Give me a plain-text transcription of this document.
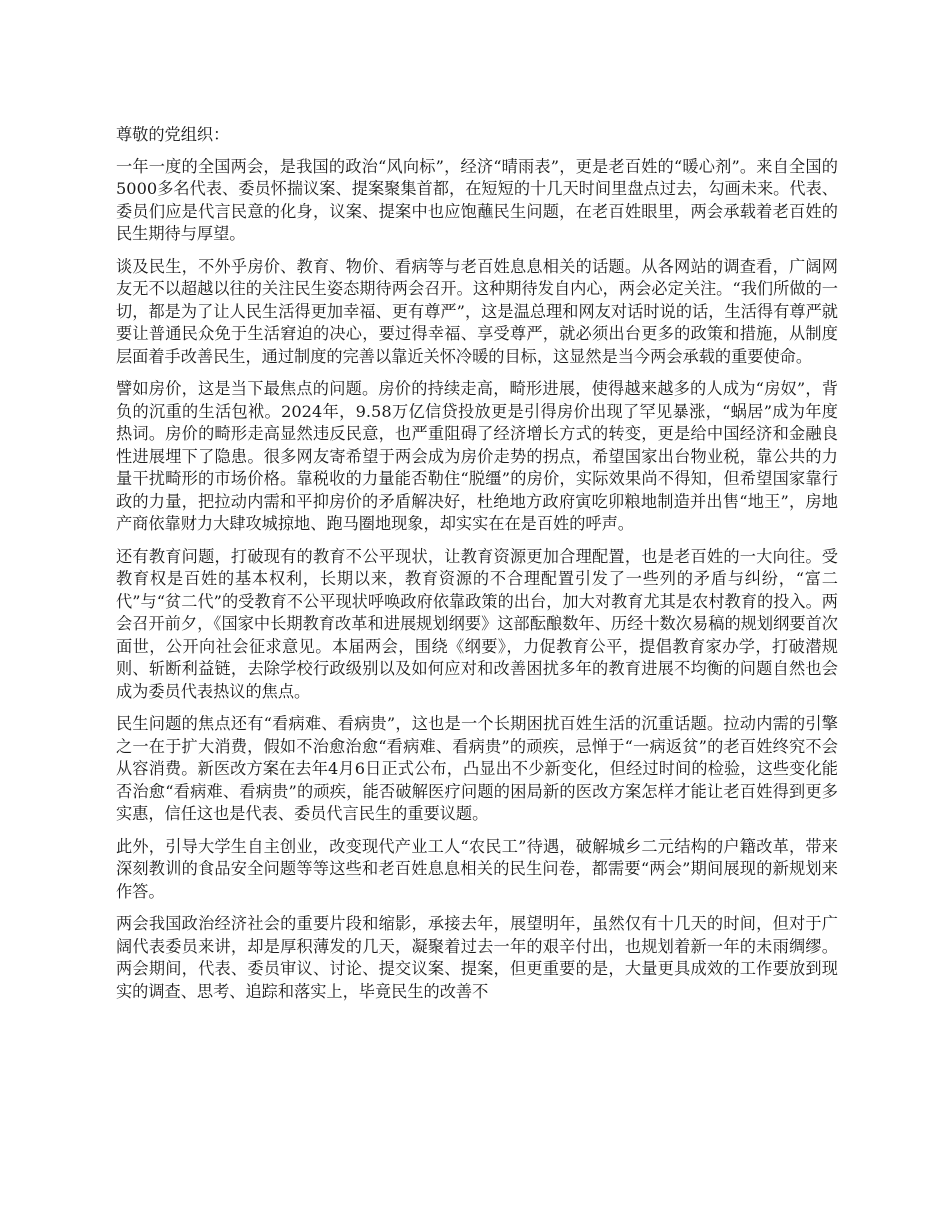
尊敬的党组织：

一年一度的全国两会，是我国的政治“风向标”，经济“晴雨表”，更是老百姓的“暖心剂”。来自全国的5000多名代表、委员怀揣议案、提案聚集首都，在短短的十几天时间里盘点过去，勾画未来。代表、委员们应是代言民意的化身，议案、提案中也应饱蘸民生问题，在老百姓眼里，两会承载着老百姓的民生期待与厚望。

谈及民生，不外乎房价、教育、物价、看病等与老百姓息息相关的话题。从各网站的调查看，广阔网友无不以超越以往的关注民生姿态期待两会召开。这种期待发自内心，两会必定关注。“我们所做的一切，都是为了让人民生活得更加幸福、更有尊严”，这是温总理和网友对话时说的话，生活得有尊严就要让普通民众免于生活窘迫的决心，要过得幸福、享受尊严，就必须出台更多的政策和措施，从制度层面着手改善民生，通过制度的完善以靠近关怀冷暖的目标，这显然是当今两会承载的重要使命。

譬如房价，这是当下最焦点的问题。房价的持续走高，畸形进展，使得越来越多的人成为“房奴”，背负的沉重的生活包袱。2024年，9.58万亿信贷投放更是引得房价出现了罕见暴涨，“蜗居”成为年度热词。房价的畸形走高显然违反民意，也严重阻碍了经济增长方式的转变，更是给中国经济和金融良性进展埋下了隐患。很多网友寄希望于两会成为房价走势的拐点，希望国家出台物业税，靠公共的力量干扰畸形的市场价格。靠税收的力量能否勒住“脱缰”的房价，实际效果尚不得知，但希望国家靠行政的力量，把拉动内需和平抑房价的矛盾解决好，杜绝地方政府寅吃卯粮地制造并出售“地王”，房地产商依靠财力大肆攻城掠地、跑马圈地现象，却实实在在是百姓的呼声。

还有教育问题，打破现有的教育不公平现状，让教育资源更加合理配置，也是老百姓的一大向往。受教育权是百姓的基本权利，长期以来，教育资源的不合理配置引发了一些列的矛盾与纠纷，“富二代”与“贫二代”的受教育不公平现状呼唤政府依靠政策的出台，加大对教育尤其是农村教育的投入。两会召开前夕，《国家中长期教育改革和进展规划纲要》这部酝酿数年、历经十数次易稿的规划纲要首次面世，公开向社会征求意见。本届两会，围绕《纲要》，力促教育公平，提倡教育家办学，打破潜规则、斩断利益链，去除学校行政级别以及如何应对和改善困扰多年的教育进展不均衡的问题自然也会成为委员代表热议的焦点。

民生问题的焦点还有“看病难、看病贵”，这也是一个长期困扰百姓生活的沉重话题。拉动内需的引擎之一在于扩大消费，假如不治愈治愈“看病难、看病贵”的顽疾，忌惮于“一病返贫”的老百姓终究不会从容消费。新医改方案在去年4月6日正式公布，凸显出不少新变化，但经过时间的检验，这些变化能否治愈“看病难、看病贵”的顽疾，能否破解医疗问题的困局新的医改方案怎样才能让老百姓得到更多实惠，信任这也是代表、委员代言民生的重要议题。

此外，引导大学生自主创业，改变现代产业工人“农民工”待遇，破解城乡二元结构的户籍改革，带来深刻教训的食品安全问题等等这些和老百姓息息相关的民生问卷，都需要“两会”期间展现的新规划来作答。

两会我国政治经济社会的重要片段和缩影，承接去年，展望明年，虽然仅有十几天的时间，但对于广阔代表委员来讲，却是厚积薄发的几天，凝聚着过去一年的艰辛付出，也规划着新一年的未雨绸缪。两会期间，代表、委员审议、讨论、提交议案、提案，但更重要的是，大量更具成效的工作要放到现实的调查、思考、追踪和落实上，毕竟民生的改善不
